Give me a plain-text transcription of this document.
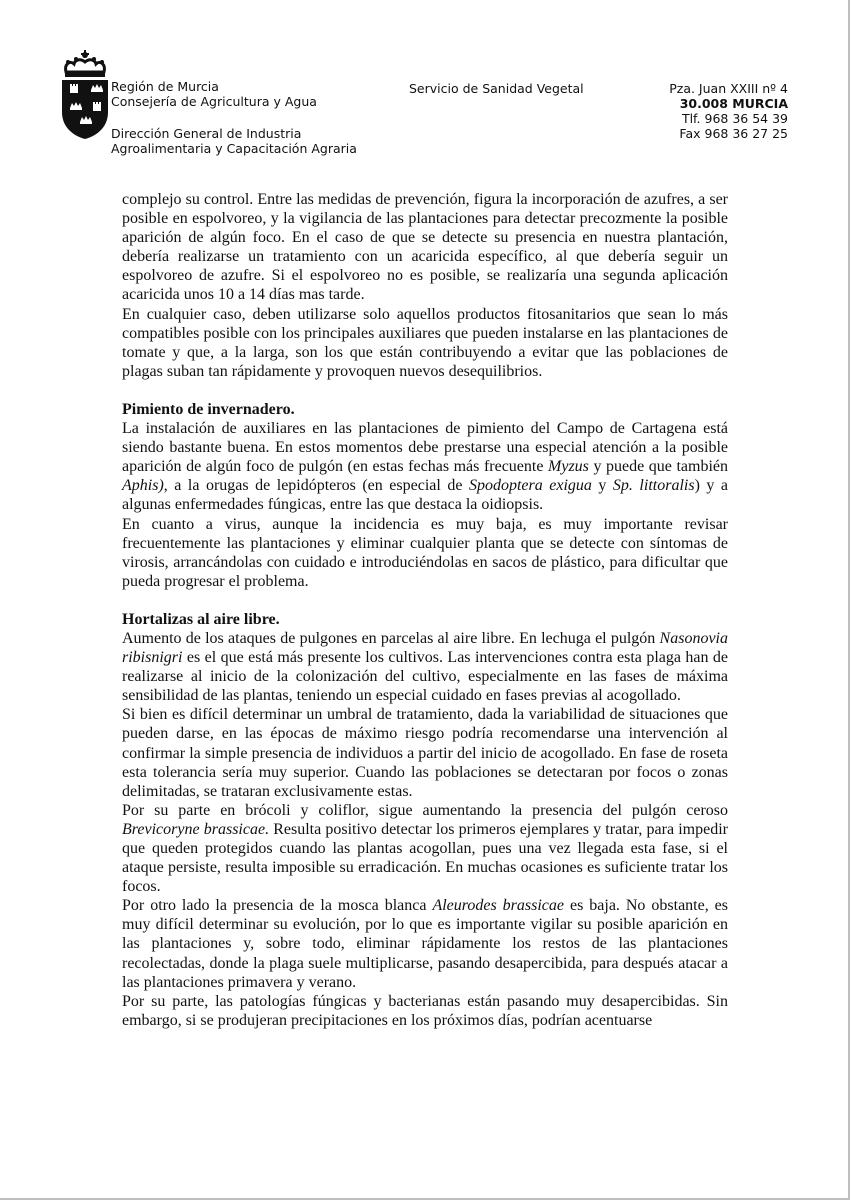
Región de Murcia
Consejería de Agricultura y Agua
Dirección General de Industria
Agroalimentaria y Capacitación Agraria
Servicio de Sanidad Vegetal	Pza. Juan XXIII nº 4
30.008 MURCIA
Tlf. 968 36 54 39
Fax 968 36 27 25

complejo su control. Entre las medidas de prevención, figura la incorporación de azufres, a ser posible en espolvoreo, y la vigilancia de las plantaciones para detectar precozmente la posible aparición de algún foco. En el caso de que se detecte su presencia en nuestra plantación, debería realizarse un tratamiento con un acaricida específico, al que debería seguir un espolvoreo de azufre. Si el espolvoreo no es posible, se realizaría una segunda aplicación acaricida unos 10 a 14 días mas tarde.

En cualquier caso, deben utilizarse solo aquellos productos fitosanitarios que sean lo más compatibles posible con los principales auxiliares que pueden instalarse en las plantaciones de tomate y que, a la larga, son los que están contribuyendo a evitar que las poblaciones de plagas suban tan rápidamente y provoquen nuevos desequilibrios.

Pimiento de invernadero.

La instalación de auxiliares en las plantaciones de pimiento del Campo de Cartagena está siendo bastante buena. En estos momentos debe prestarse una especial atención a la posible aparición de algún foco de pulgón (en estas fechas más frecuente Myzus y puede que también Aphis), a la orugas de lepidópteros (en especial de Spodoptera exigua y Sp. littoralis) y a algunas enfermedades fúngicas, entre las que destaca la oidiopsis.

En cuanto a virus, aunque la incidencia es muy baja, es muy importante revisar frecuentemente las plantaciones y eliminar cualquier planta que se detecte con síntomas de virosis, arrancándolas con cuidado e introduciéndolas en sacos de plástico, para dificultar que pueda progresar el problema.

Hortalizas al aire libre.

Aumento de los ataques de pulgones en parcelas al aire libre. En lechuga el pulgón Nasonovia ribisnigri es el que está más presente los cultivos. Las intervenciones contra esta plaga han de realizarse al inicio de la colonización del cultivo, especialmente en las fases de máxima sensibilidad de las plantas, teniendo un especial cuidado en fases previas al acogollado.

Si bien es difícil determinar un umbral de tratamiento, dada la variabilidad de situaciones que pueden darse, en las épocas de máximo riesgo podría recomendarse una intervención al confirmar la simple presencia de individuos a partir del inicio de acogollado. En fase de roseta esta tolerancia sería muy superior. Cuando las poblaciones se detectaran por focos o zonas delimitadas, se trataran exclusivamente estas.

Por su parte en brócoli y coliflor, sigue aumentando la presencia del pulgón ceroso Brevicoryne brassicae. Resulta positivo detectar los primeros ejemplares y tratar, para impedir que queden protegidos cuando las plantas acogollan, pues una vez llegada esta fase, si el ataque persiste, resulta imposible su erradicación. En muchas ocasiones es suficiente tratar los focos.

Por otro lado la presencia de la mosca blanca Aleurodes brassicae es baja. No obstante, es muy difícil determinar su evolución, por lo que es importante vigilar su posible aparición en las plantaciones y, sobre todo, eliminar rápidamente los restos de las plantaciones recolectadas, donde la plaga suele multiplicarse, pasando desapercibida, para después atacar a las plantaciones primavera y verano.

Por su parte, las patologías fúngicas y bacterianas están pasando muy desapercibidas. Sin embargo, si se produjeran precipitaciones en los próximos días, podrían acentuarse
